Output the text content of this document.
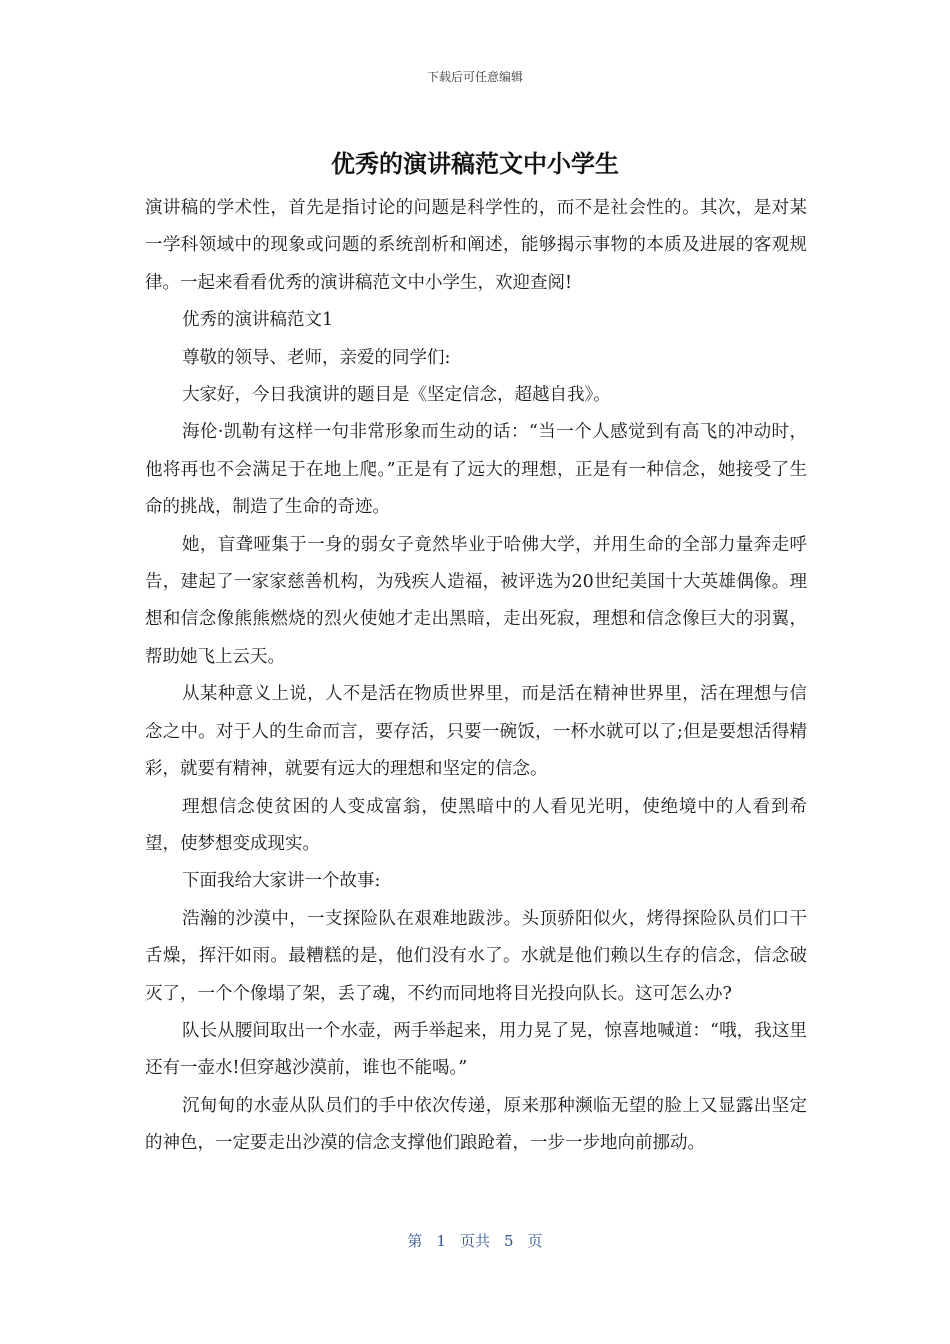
下载后可任意编辑
优秀的演讲稿范文中小学生

演讲稿的学术性，首先是指讨论的问题是科学性的，而不是社会性的。其次，是对某一学科领域中的现象或问题的系统剖析和阐述，能够揭示事物的本质及进展的客观规律。一起来看看优秀的演讲稿范文中小学生，欢迎查阅!

优秀的演讲稿范文1

尊敬的领导、老师，亲爱的同学们:

大家好，今日我演讲的题目是《坚定信念，超越自我》。

海伦·凯勒有这样一句非常形象而生动的话：“当一个人感觉到有高飞的冲动时，他将再也不会满足于在地上爬。”正是有了远大的理想，正是有一种信念，她接受了生命的挑战，制造了生命的奇迹。

她，盲聋哑集于一身的弱女子竟然毕业于哈佛大学，并用生命的全部力量奔走呼告，建起了一家家慈善机构，为残疾人造福，被评选为20世纪美国十大英雄偶像。理想和信念像熊熊燃烧的烈火使她才走出黑暗，走出死寂，理想和信念像巨大的羽翼，帮助她飞上云天。

从某种意义上说，人不是活在物质世界里，而是活在精神世界里，活在理想与信念之中。对于人的生命而言，要存活，只要一碗饭，一杯水就可以了;但是要想活得精彩，就要有精神，就要有远大的理想和坚定的信念。

理想信念使贫困的人变成富翁，使黑暗中的人看见光明，使绝境中的人看到希望，使梦想变成现实。

下面我给大家讲一个故事:

浩瀚的沙漠中，一支探险队在艰难地跋涉。头顶骄阳似火，烤得探险队员们口干舌燥，挥汗如雨。最糟糕的是，他们没有水了。水就是他们赖以生存的信念，信念破灭了，一个个像塌了架，丢了魂，不约而同地将目光投向队长。这可怎么办?

队长从腰间取出一个水壶，两手举起来，用力晃了晃，惊喜地喊道：“哦，我这里还有一壶水!但穿越沙漠前，谁也不能喝。”

沉甸甸的水壶从队员们的手中依次传递，原来那种濒临无望的脸上又显露出坚定的神色，一定要走出沙漠的信念支撑他们踉跄着，一步一步地向前挪动。

第 1 页共 5 页
